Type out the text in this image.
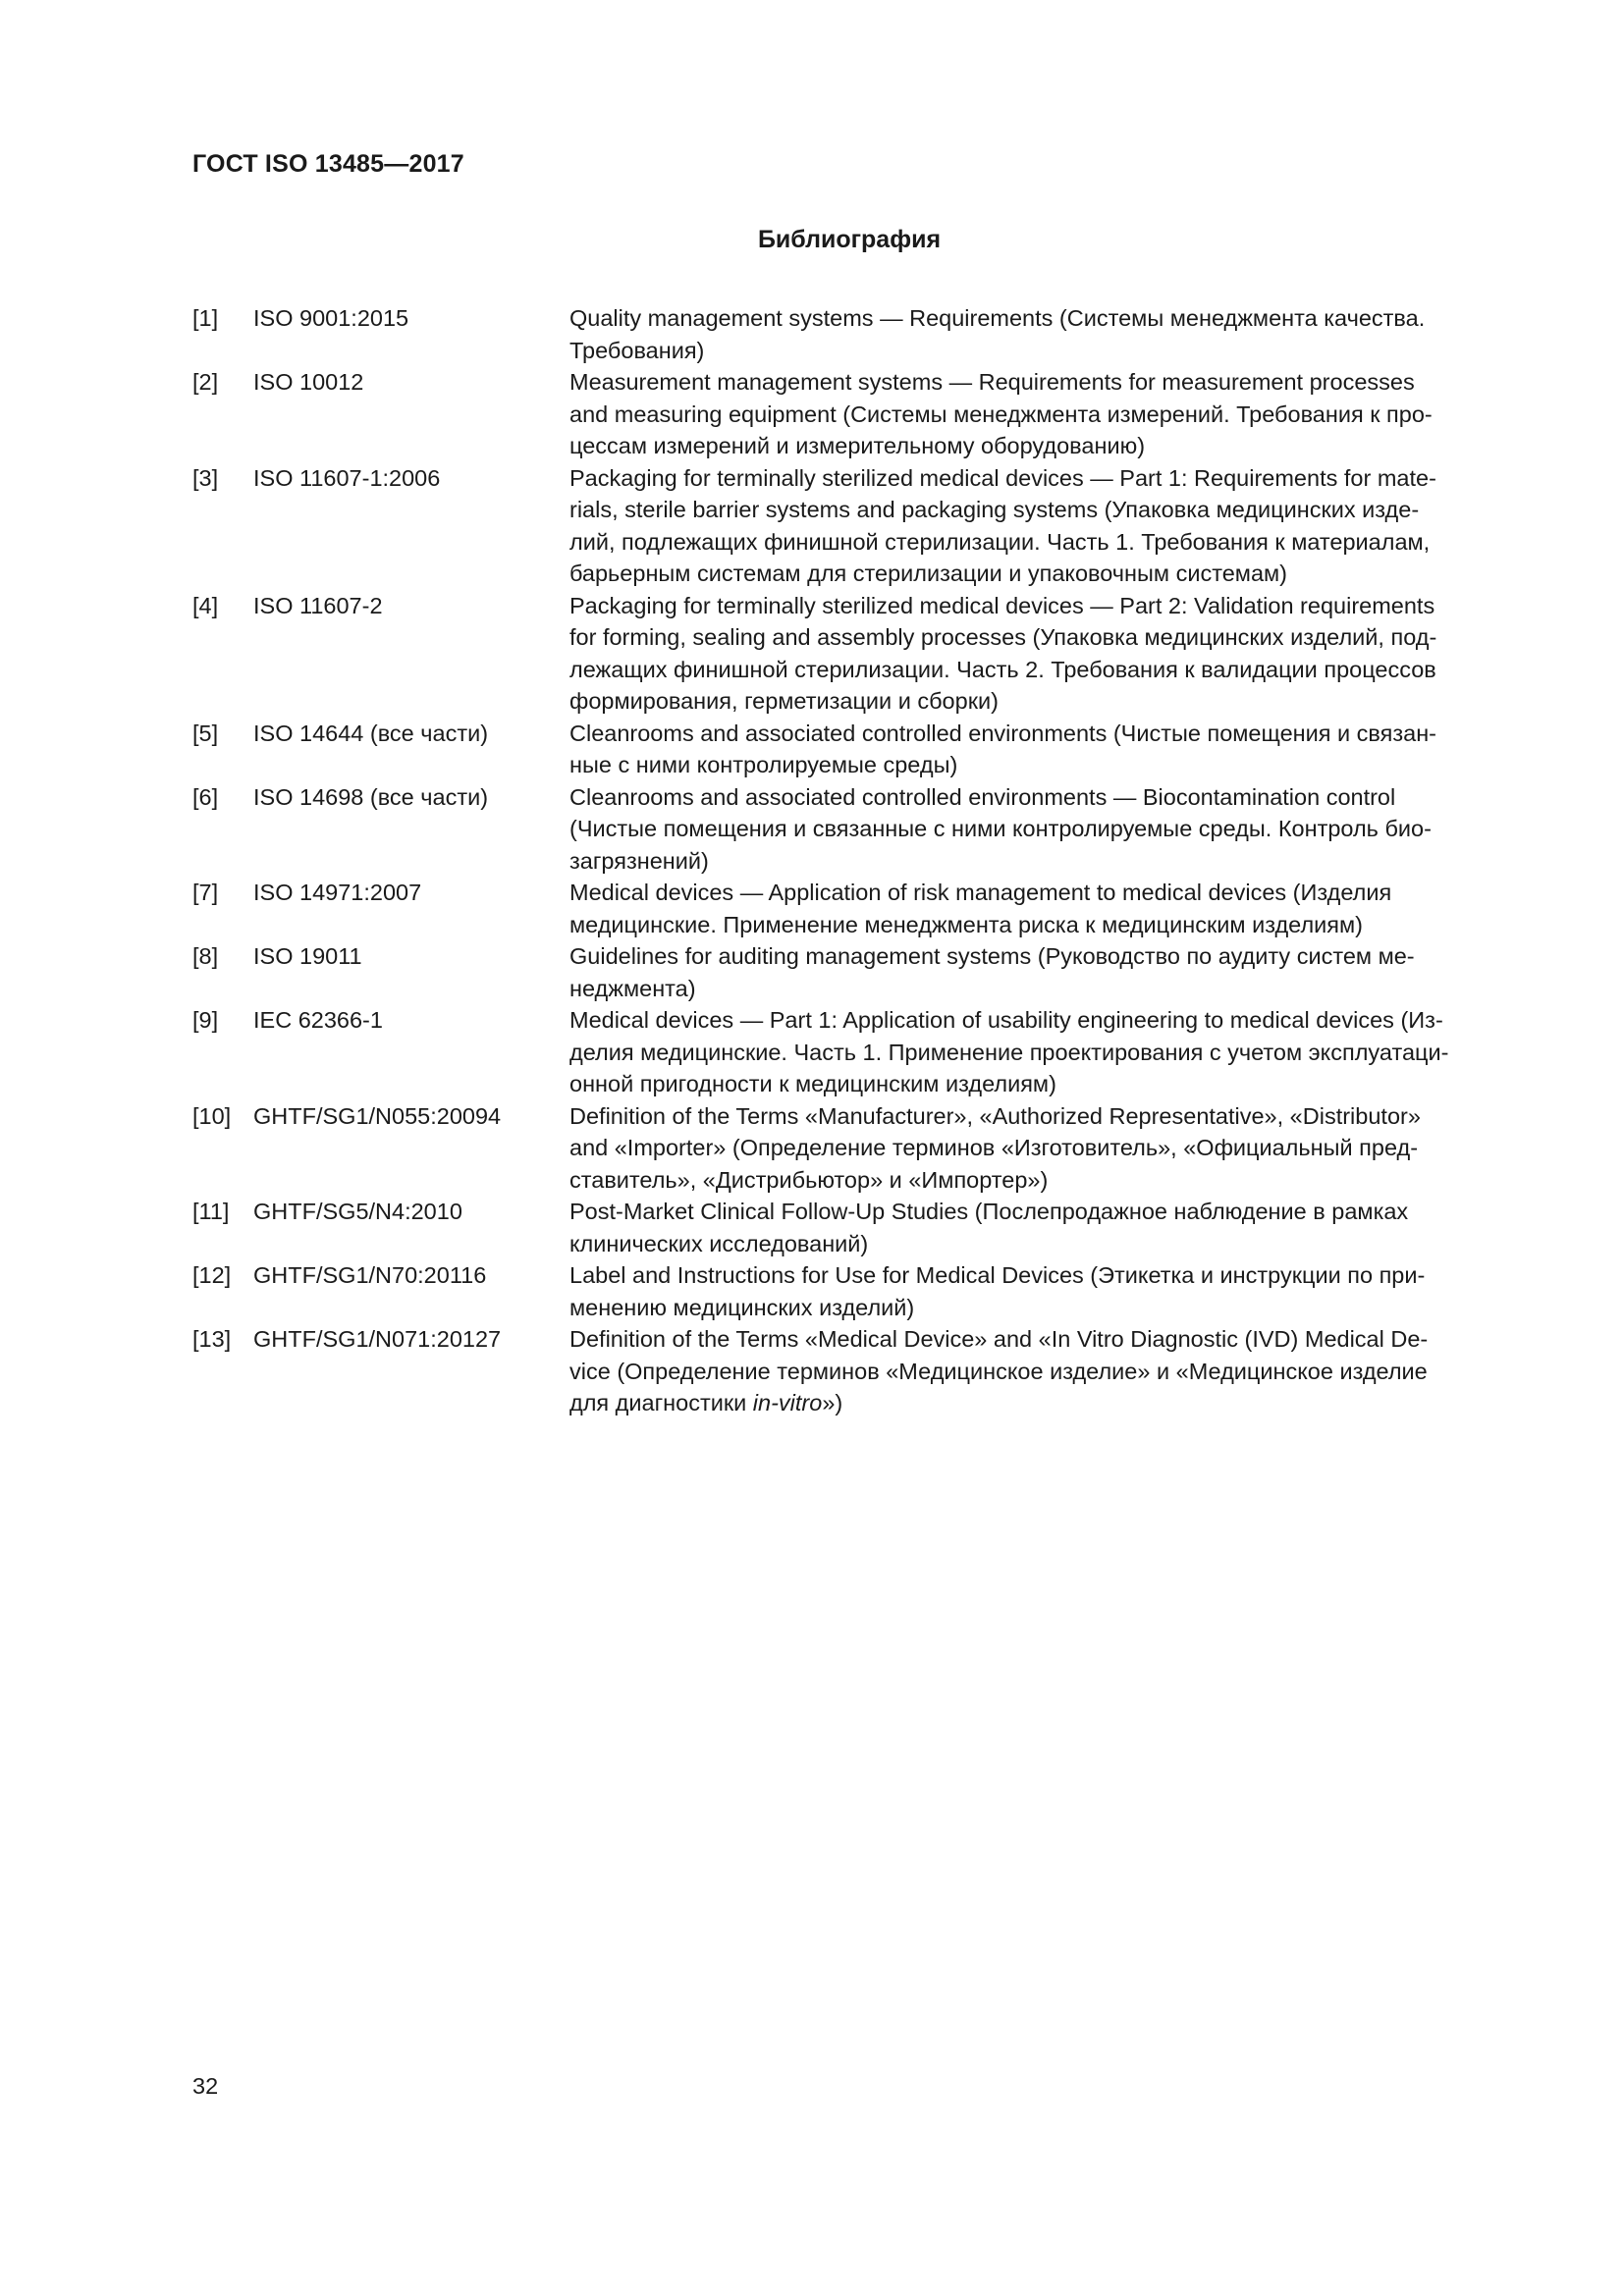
ГОСТ ISO 13485—2017
Библиография
[1]	ISO 9001:2015	Quality management systems — Requirements (Системы менеджмента качества.
Требования)
[2]	ISO 10012	Measurement management systems — Requirements for measurement processes
and measuring equipment (Системы менеджмента измерений. Требования к про-
цессам измерений и измерительному оборудованию)
[3]	ISO 11607-1:2006	Packaging for terminally sterilized medical devices — Part 1: Requirements for mate-
rials, sterile barrier systems and packaging systems (Упаковка медицинских изде-
лий, подлежащих финишной стерилизации. Часть 1. Требования к материалам,
барьерным системам для стерилизации и упаковочным системам)
[4]	ISO 11607-2	Packaging for terminally sterilized medical devices — Part 2: Validation requirements
for forming, sealing and assembly processes (Упаковка медицинских изделий, под-
лежащих финишной стерилизации. Часть 2. Требования к валидации процессов
формирования, герметизации и сборки)
[5]	ISO 14644 (все части)	Cleanrooms and associated controlled environments (Чистые помещения и связан-
ные с ними контролируемые среды)
[6]	ISO 14698 (все части)	Cleanrooms and associated controlled environments — Biocontamination control
(Чистые помещения и связанные с ними контролируемые среды. Контроль био-
загрязнений)
[7]	ISO 14971:2007	Medical devices — Application of risk management to medical devices (Изделия
медицинские. Применение менеджмента риска к медицинским изделиям)
[8]	ISO 19011	Guidelines for auditing management systems (Руководство по аудиту систем ме-
неджмента)
[9]	IEC 62366-1	Medical devices — Part 1: Application of usability engineering to medical devices (Из-
делия медицинские. Часть 1. Применение проектирования с учетом эксплуатаци-
онной пригодности к медицинским изделиям)
[10] GHTF/SG1/N055:20094	Definition of the Terms «Manufacturer», «Authorized Representative», «Distributor»
and «Importer» (Определение терминов «Изготовитель», «Официальный пред-
ставитель», «Дистрибьютор» и «Импортер»)
[11]	GHTF/SG5/N4:2010	Post-Market Clinical Follow-Up Studies (Послепродажное наблюдение в рамках
клинических исследований)
[12] GHTF/SG1/N70:20116	Label and Instructions for Use for Medical Devices (Этикетка и инструкции по при-
менению медицинских изделий)
[13] GHTF/SG1/N071:20127	Definition of the Terms «Medical Device» and «In Vitro Diagnostic (IVD) Medical De-
vice (Определение терминов «Медицинское изделие» и «Медицинское изделие
для диагностики in-vitro»)
32
